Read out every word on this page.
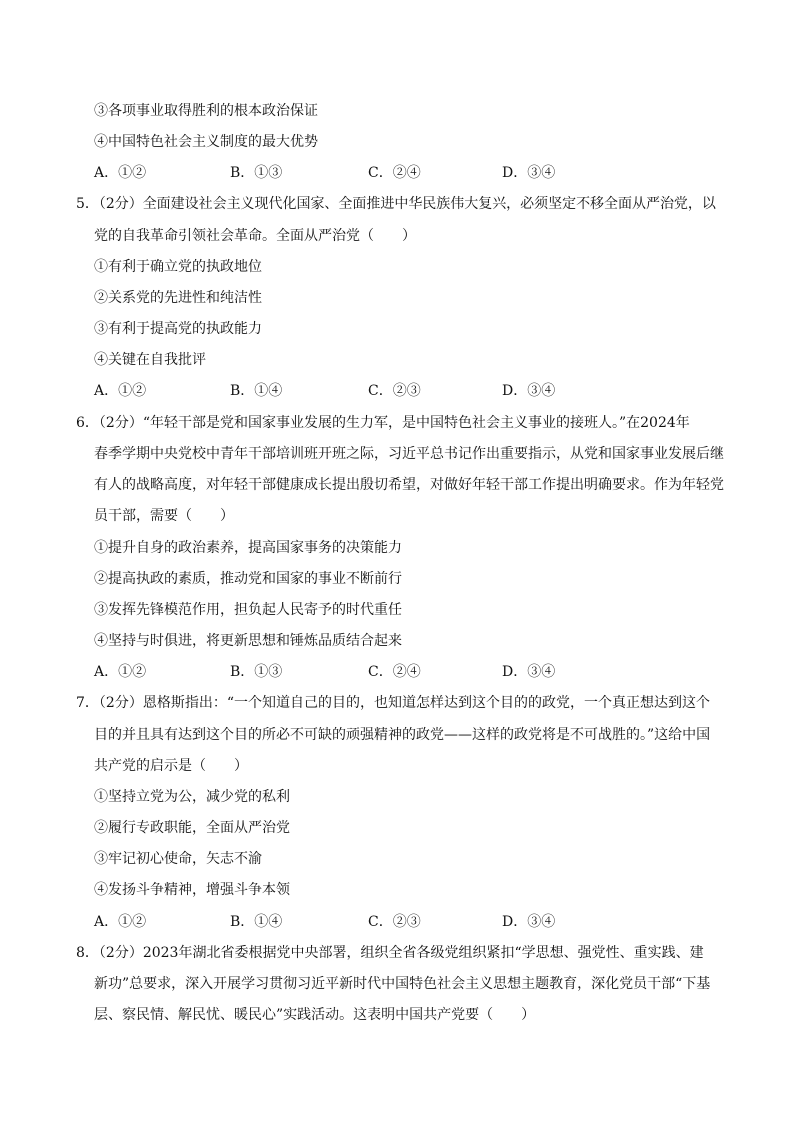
③各项事业取得胜利的根本政治保证
④中国特色社会主义制度的最大优势
A．①②	B．①③	C．②④	D．③④
5．（2分）全面建设社会主义现代化国家、全面推进中华民族伟大复兴，必须坚定不移全面从严治党，以
党的自我革命引领社会革命。全面从严治党（　　）
①有利于确立党的执政地位
②关系党的先进性和纯洁性
③有利于提高党的执政能力
④关键在自我批评
A．①②	B．①④	C．②③	D．③④
6．（2分）“年轻干部是党和国家事业发展的生力军，是中国特色社会主义事业的接班人。”在2024年
春季学期中央党校中青年干部培训班开班之际，习近平总书记作出重要指示，从党和国家事业发展后继
有人的战略高度，对年轻干部健康成长提出殷切希望，对做好年轻干部工作提出明确要求。作为年轻党
员干部，需要（　　）
①提升自身的政治素养，提高国家事务的决策能力
②提高执政的素质，推动党和国家的事业不断前行
③发挥先锋模范作用，担负起人民寄予的时代重任
④坚持与时俱进，将更新思想和锤炼品质结合起来
A．①②	B．①③	C．②④	D．③④
7．（2分）恩格斯指出：“一个知道自己的目的，也知道怎样达到这个目的的政党，一个真正想达到这个
目的并且具有达到这个目的所必不可缺的顽强精神的政党——这样的政党将是不可战胜的。”这给中国
共产党的启示是（　　）
①坚持立党为公，减少党的私利
②履行专政职能，全面从严治党
③牢记初心使命，矢志不渝
④发扬斗争精神，增强斗争本领
A．①②	B．①④	C．②③	D．③④
8．（2分）2023年湖北省委根据党中央部署，组织全省各级党组织紧扣“学思想、强党性、重实践、建
新功”总要求，深入开展学习贯彻习近平新时代中国特色社会主义思想主题教育，深化党员干部“下基
层、察民情、解民忧、暖民心”实践活动。这表明中国共产党要（　　）
